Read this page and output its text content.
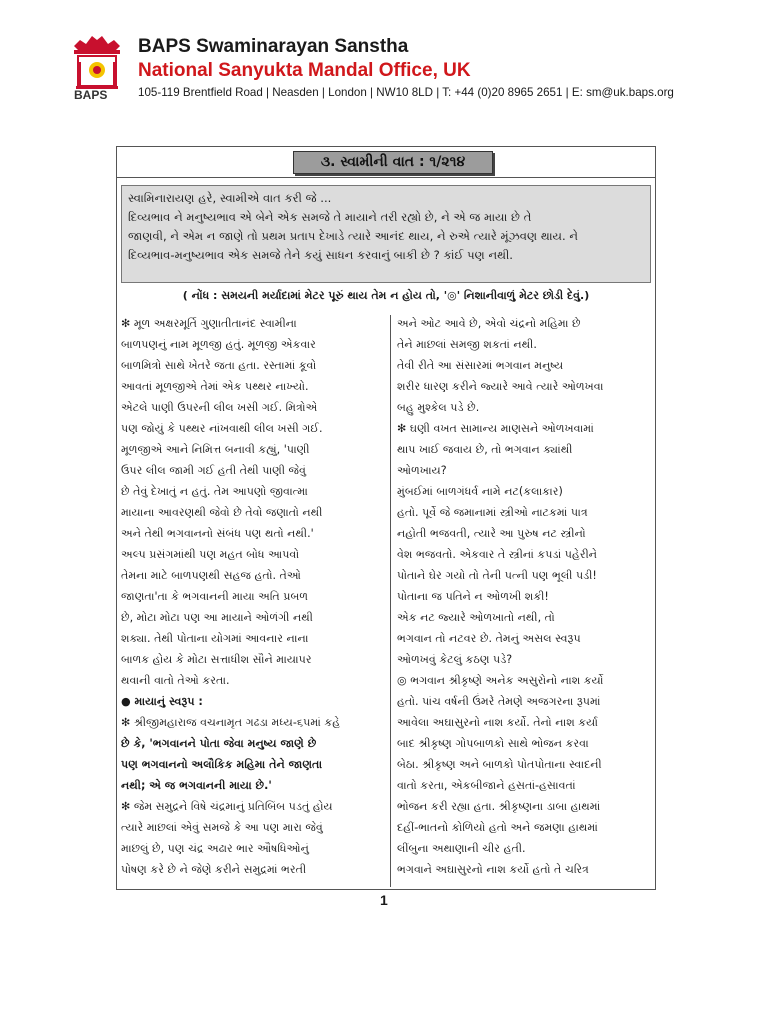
BAPS
BAPS Swaminarayan Sanstha
National Sanyukta Mandal Office, UK
105-119 Brentfield Road | Neasden | London | NW10 8LD | T: +44 (0)20 8965 2651 | E: sm@uk.baps.org
૩. સ્વામીની વાત : ૧/૨૧૪

સ્વામિનારાયણ હરે, સ્વામીએ વાત કરી જે ...

દિવ્યભાવ ને મનુષ્યભાવ એ બેને એક સમજે તે માયાને તરી રહ્યો છે, ને એ જ માયા છે તે

જાણવી, ને એમ ન જાણે તો પ્રથમ પ્રતાપ દેખાડે ત્યારે આનંદ થાય, ને રુએ ત્યારે મૂંઝવણ થાય. ને

દિવ્યભાવ-મનુષ્યભાવ એક સમજે તેને કયું સાધન કરવાનું બાકી છે ? કાંઈ પણ નથી.

( નોંધ : સમયની મર્યાદામાં મેટર પૂરું થાય તેમ ન હોય તો, '◎' નિશાનીવાળું મેટર છોડી દેવું.)
✻ મૂળ અક્ષરમૂર્તિ ગુણાતીતાનંદ સ્વામીના
બાળપણનું નામ મૂળજી હતું. મૂળજી એકવાર
બાળમિત્રો સાથે ખેતરે જતા હતા. રસ્તામાં કૂવો
આવતાં મૂળજીએ તેમાં એક પથ્થર નાખ્યો.
એટલે પાણી ઉપરની લીલ ખસી ગઈ. મિત્રોએ
પણ જોયું કે પથ્થર નાંખવાથી લીલ ખસી ગઈ.
મૂળજીએ આને નિમિત્ત બનાવી કહ્યું, 'પાણી
ઉપર લીલ જામી ગઈ હતી તેથી પાણી જેવું
છે તેવું દેખાતું ન હતું. તેમ આપણો જીવાત્મા
માયાના આવરણથી જેવો છે તેવો જણાતો નથી
અને તેથી ભગવાનનો સંબંધ પણ થતો નથી.'
અલ્પ પ્રસંગમાંથી પણ મહત બોધ આપવો
તેમના માટે બાળપણથી સહજ હતો. તેઓ
જાણતા'તા કે ભગવાનની માયા અતિ પ્રબળ
છે, મોટા મોટા પણ આ માયાને ઓળંગી નથી
શક્યા. તેથી પોતાના યોગમાં આવનાર નાના
બાળક હોય કે મોટા સત્તાધીશ સૌને માયાપર
થવાની વાતો તેઓ કરતા.
● માયાનું સ્વરૂપ :
✻ શ્રીજીમહારાજ વચનામૃત ગઢડા મધ્ય-૬૫માં કહે
છે કે, 'ભગવાનને પોતા જેવા મનુષ્ય જાણે છે
પણ ભગવાનનો અલૌકિક મહિમા તેને જાણતા
નથી; એ જ ભગવાનની માયા છે.'
✻ જેમ સમુદ્રને વિષે ચંદ્રમાનું પ્રતિબિંબ પડતું હોય
ત્યારે માછલાં એવું સમજે કે આ પણ મારા જેવું
માછલું છે, પણ ચંદ્ર અઢાર ભાર ઔષધિઓનું
પોષણ કરે છે ને જેણે કરીને સમુદ્રમાં ભરતી
અને ઓટ આવે છે, એવો ચંદ્રનો મહિમા છે
તેને માછલાં સમજી શકતાં નથી.
તેવી રીતે આ સંસારમાં ભગવાન મનુષ્ય
શરીર ધારણ કરીને જ્યારે આવે ત્યારે ઓળખવા
બહુ મુશ્કેલ પડે છે.
✻ ઘણી વખત સામાન્ય માણસને ઓળખવામાં
થાપ ખાઈ જવાય છે, તો ભગવાન ક્યાંથી
ઓળખાય?
મુંબઈમાં બાળગંધર્વ નામે નટ(કલાકાર)
હતો. પૂર્વે જે જમાનામાં સ્ત્રીઓ નાટકમાં પાત્ર
નહોતી ભજવતી, ત્યારે આ પુરુષ નટ સ્ત્રીનો
વેશ ભજવતો. એકવાર તે સ્ત્રીનાં કપડાં પહેરીને
પોતાને ઘેર ગયો તો તેની પત્ની પણ ભૂલી પડી!
પોતાના જ પતિને ન ઓળખી શકી!
એક નટ જ્યારે ઓળખાતો નથી, તો
ભગવાન તો નટવર છે. તેમનું અસલ સ્વરૂપ
ઓળખવું કેટલું કઠણ પડે?
◎ ભગવાન શ્રીકૃષ્ણે અનેક અસુરોનો નાશ કર્યો
હતો. પાંચ વર્ષની ઉંમરે તેમણે અજગરના રૂપમાં
આવેલા અઘાસુરનો નાશ કર્યો. તેનો નાશ કર્યા
બાદ શ્રીકૃષ્ણ ગોપબાળકો સાથે ભોજન કરવા
બેઠા. શ્રીકૃષ્ણ અને બાળકો પોતપોતાના સ્વાદની
વાતો કરતા, એકબીજાને હસતાં-હસાવતાં
ભોજન કરી રહ્યા હતા. શ્રીકૃષ્ણના ડાબા હાથમાં
દહીં-ભાતનો કોળિયો હતો અને જમણા હાથમાં
લીંબુના અથાણાની ચીર હતી.
ભગવાને અઘાસુરનો નાશ કર્યો હતો તે ચરિત્ર
1
